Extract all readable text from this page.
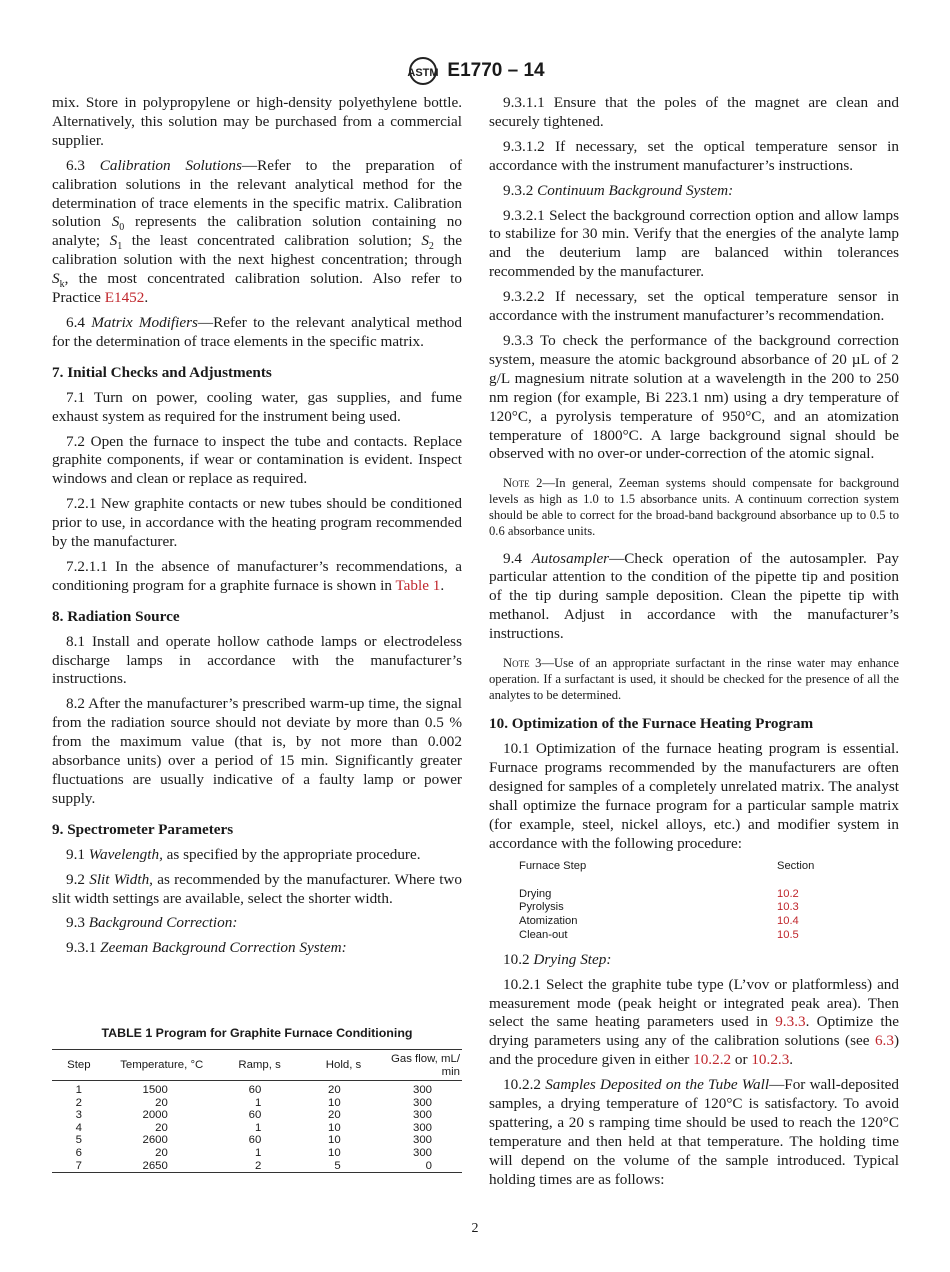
ASTM E1770 – 14

mix. Store in polypropylene or high-density polyethylene bottle. Alternatively, this solution may be purchased from a commercial supplier.

6.3 Calibration Solutions—Refer to the preparation of calibration solutions in the relevant analytical method for the determination of trace elements in the specific matrix. Calibration solution $S_0$ represents the calibration solution containing no analyte; $S_1$ the least concentrated calibration solution; $S_2$ the calibration solution with the next highest concentration; through $S_k$, the most concentrated calibration solution. Also refer to Practice E1452.

6.4 Matrix Modifiers—Refer to the relevant analytical method for the determination of trace elements in the specific matrix.

7. Initial Checks and Adjustments

7.1 Turn on power, cooling water, gas supplies, and fume exhaust system as required for the instrument being used.

7.2 Open the furnace to inspect the tube and contacts. Replace graphite components, if wear or contamination is evident. Inspect windows and clean or replace as required.

7.2.1 New graphite contacts or new tubes should be conditioned prior to use, in accordance with the heating program recommended by the manufacturer.

7.2.1.1 In the absence of manufacturer’s recommendations, a conditioning program for a graphite furnace is shown in Table 1.

8. Radiation Source

8.1 Install and operate hollow cathode lamps or electrodeless discharge lamps in accordance with the manufacturer’s instructions.

8.2 After the manufacturer’s prescribed warm-up time, the signal from the radiation source should not deviate by more than 0.5 % from the maximum value (that is, by not more than 0.002 absorbance units) over a period of 15 min. Significantly greater fluctuations are usually indicative of a faulty lamp or power supply.

9. Spectrometer Parameters

9.1 Wavelength, as specified by the appropriate procedure.

9.2 Slit Width, as recommended by the manufacturer. Where two slit width settings are available, select the shorter width.

9.3 Background Correction:

9.3.1 Zeeman Background Correction System:

9.3.1.1 Ensure that the poles of the magnet are clean and securely tightened.

9.3.1.2 If necessary, set the optical temperature sensor in accordance with the instrument manufacturer’s instructions.

9.3.2 Continuum Background System:

9.3.2.1 Select the background correction option and allow lamps to stabilize for 30 min. Verify that the energies of the analyte lamp and the deuterium lamp are balanced within tolerances recommended by the manufacturer.

9.3.2.2 If necessary, set the optical temperature sensor in accordance with the instrument manufacturer’s recommendation.

9.3.3 To check the performance of the background correction system, measure the atomic background absorbance of 20 µL of 2 g/L magnesium nitrate solution at a wavelength in the 200 to 250 nm region (for example, Bi 223.1 nm) using a dry temperature of 120°C, a pyrolysis temperature of 950°C, and an atomization temperature of 1800°C. A large background signal should be observed with no over-or under-correction of the atomic signal.

Note 2—In general, Zeeman systems should compensate for background levels as high as 1.0 to 1.5 absorbance units. A continuum correction system should be able to correct for the broad-band background absorbance up to 0.5 to 0.6 absorbance units.

9.4 Autosampler—Check operation of the autosampler. Pay particular attention to the condition of the pipette tip and position of the tip during sample deposition. Clean the pipette tip with methanol. Adjust in accordance with the manufacturer’s instructions.

Note 3—Use of an appropriate surfactant in the rinse water may enhance operation. If a surfactant is used, it should be checked for the presence of all the analytes to be determined.

10. Optimization of the Furnace Heating Program

10.1 Optimization of the furnace heating program is essential. Furnace programs recommended by the manufacturers are often designed for samples of a completely unrelated matrix. The analyst shall optimize the furnace program for a particular sample matrix (for example, steel, nickel alloys, etc.) and modifier system in accordance with the following procedure:

Furnace Step	Section
Drying	10.2
Pyrolysis	10.3
Atomization	10.4
Clean-out	10.5

10.2 Drying Step:

10.2.1 Select the graphite tube type (L’vov or platformless) and measurement mode (peak height or integrated peak area). Then select the same heating parameters used in 9.3.3. Optimize the drying parameters using any of the calibration solutions (see 6.3) and the procedure given in either 10.2.2 or 10.2.3.

10.2.2 Samples Deposited on the Tube Wall—For wall-deposited samples, a drying temperature of 120°C is satisfactory. To avoid spattering, a 20 s ramping time should be used to reach the 120°C temperature and then held at that temperature. The holding time will depend on the volume of the sample introduced. Typical holding times are as follows:

TABLE 1 Program for Graphite Furnace Conditioning
Step	Temperature, °C	Ramp, s	Hold, s	Gas flow, mL/ min
1	1500	60	20	300
2	20	1	10	300
3	2000	60	20	300
4	20	1	10	300
5	2600	60	10	300
6	20	1	10	300
7	2650	2	5	0
2
